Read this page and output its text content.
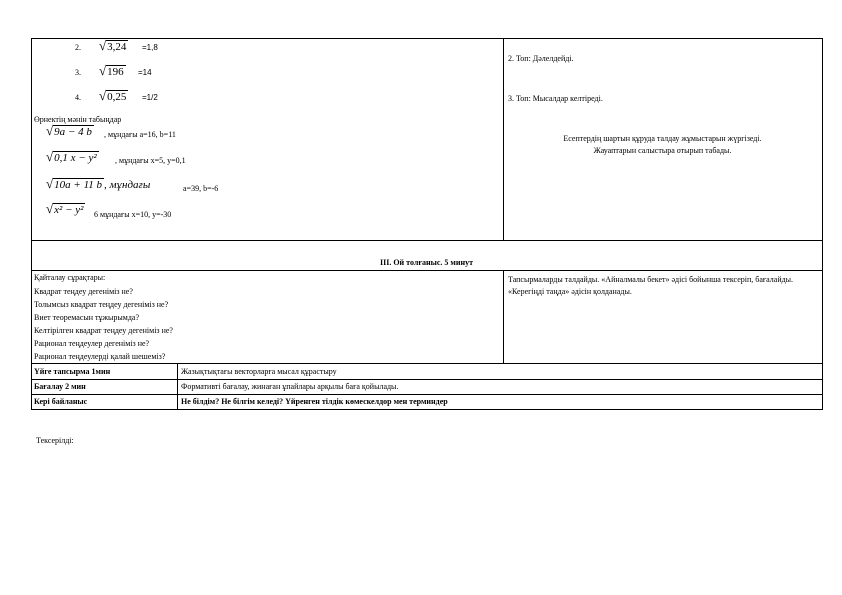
2. √3,24 =1,8
3. √196 =14
4. √0,25 =1/2
Өрнектің мәнін табыңдар
√9a − 4 b , мұндағы a=16, b=11
√0,1 x − y² , мұндағы x=5, y=0,1
√10a + 11 b , мұндағы	a=39, b=-6
√x² − y² 6 мұндағы x=10, y=-30
2. Топ: Дәлелдейді.
3. Топ: Мысалдар келтіреді.
Есептердің шартын құруда талдау жұмыстарын жүргізеді.
Жауаптарын салыстыра отырып табады.
III. Ой толғаныс. 5 минут
Қайталау сұрақтары:
Квадрат теңдеу дегеніміз не?
Толымсыз квадрат теңдеу дегеніміз не?
Виет теоремасын тұжырымда?
Келтірілген квадрат теңдеу дегеніміз не?
Рационал теңдеулер дегеніміз не?
Рационал теңдеулерді қалай шешеміз?
Тапсырмаларды талдайды. «Айналмалы бекет» әдісі бойынша тексеріп, бағалайды. «Керегіңді таңда» әдісін қолданады.
Үйге тапсырма 1мин	Жазықтықтағы векторларға мысал құрастыру
Бағалау 2 мин	Формативті бағалау, жинаған ұпайлары арқылы баға қойылады.
Кері байланыс	Не білдім? Не білгім келеді? Үйренген тілдік көмескелдор мен терминдер
Тексерілді:
